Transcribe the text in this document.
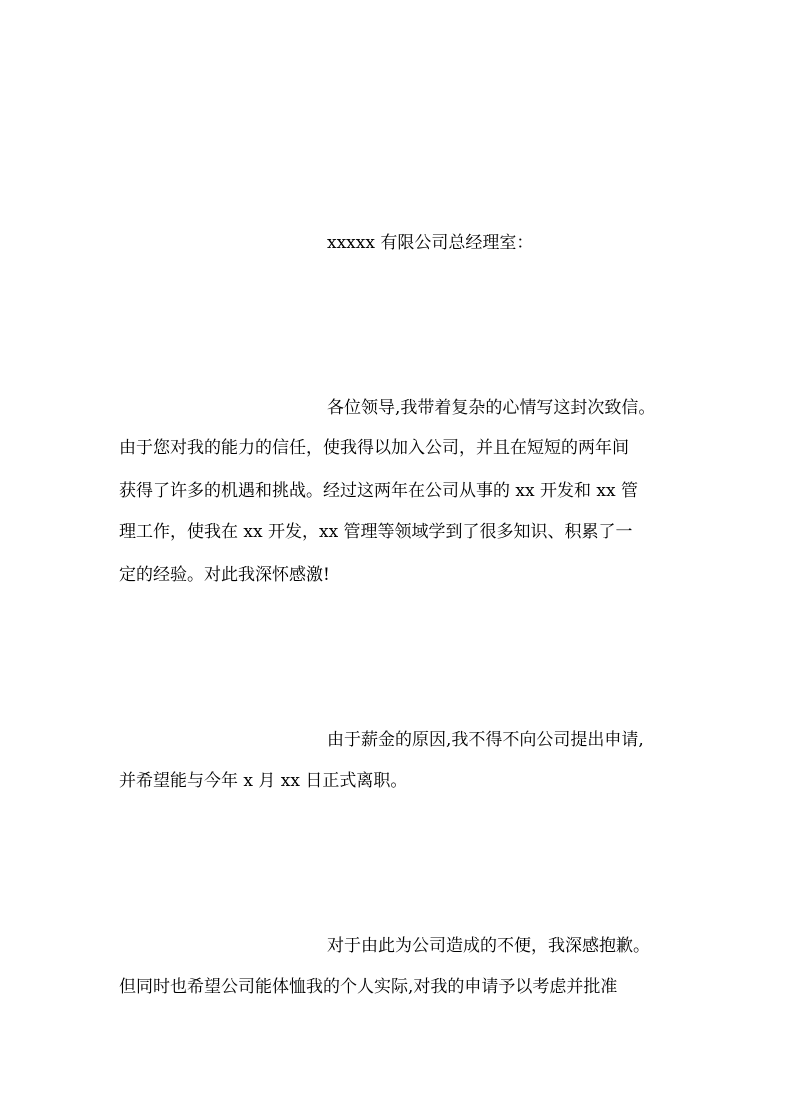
xxxxx 有限公司总经理室：
各位领导,我带着复杂的心情写这封次致信。
由于您对我的能力的信任，使我得以加入公司，并且在短短的两年间
获得了许多的机遇和挑战。经过这两年在公司从事的 xx 开发和 xx 管
理工作，使我在 xx 开发，xx 管理等领域学到了很多知识、积累了一
定的经验。对此我深怀感激!
由于薪金的原因,我不得不向公司提出申请,
并希望能与今年 x 月 xx 日正式离职。
对于由此为公司造成的不便，我深感抱歉。
但同时也希望公司能体恤我的个人实际,对我的申请予以考虑并批准
